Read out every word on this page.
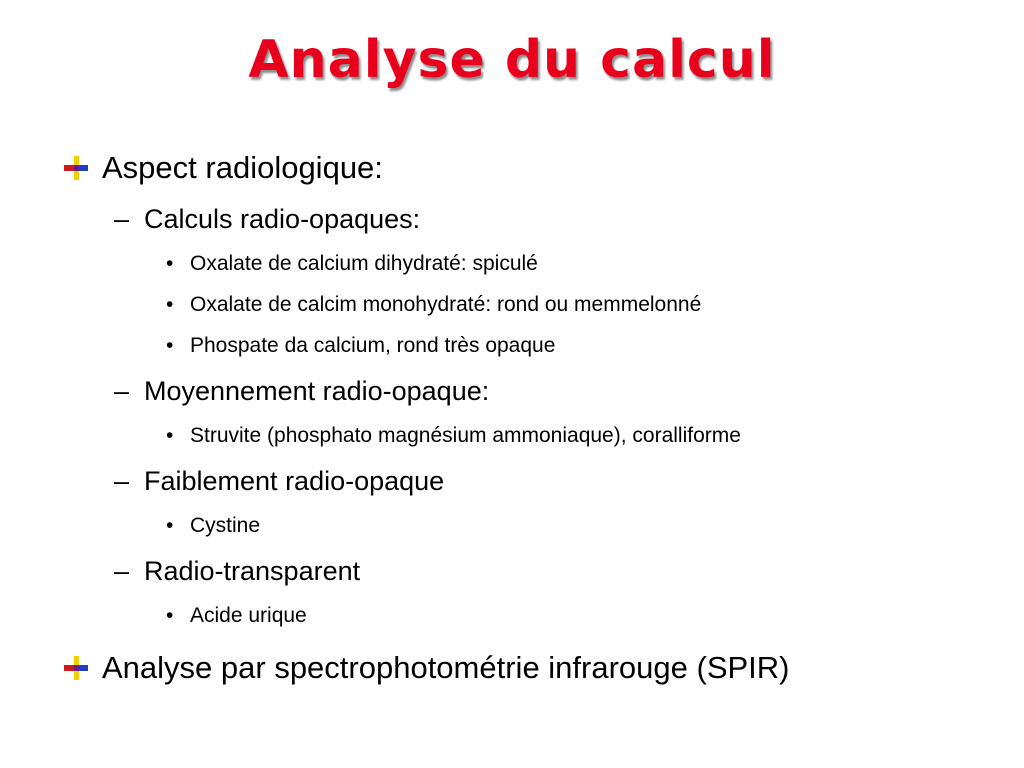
Analyse du calcul
Aspect radiologique:
– Calculs radio-opaques:
• Oxalate de calcium dihydraté: spiculé
• Oxalate de calcim monohydraté: rond ou memmelonné
• Phospate da calcium, rond très opaque
– Moyennement radio-opaque:
• Struvite (phosphato magnésium ammoniaque), coralliforme
– Faiblement radio-opaque
• Cystine
– Radio-transparent
• Acide urique
Analyse par spectrophotométrie infrarouge (SPIR)
